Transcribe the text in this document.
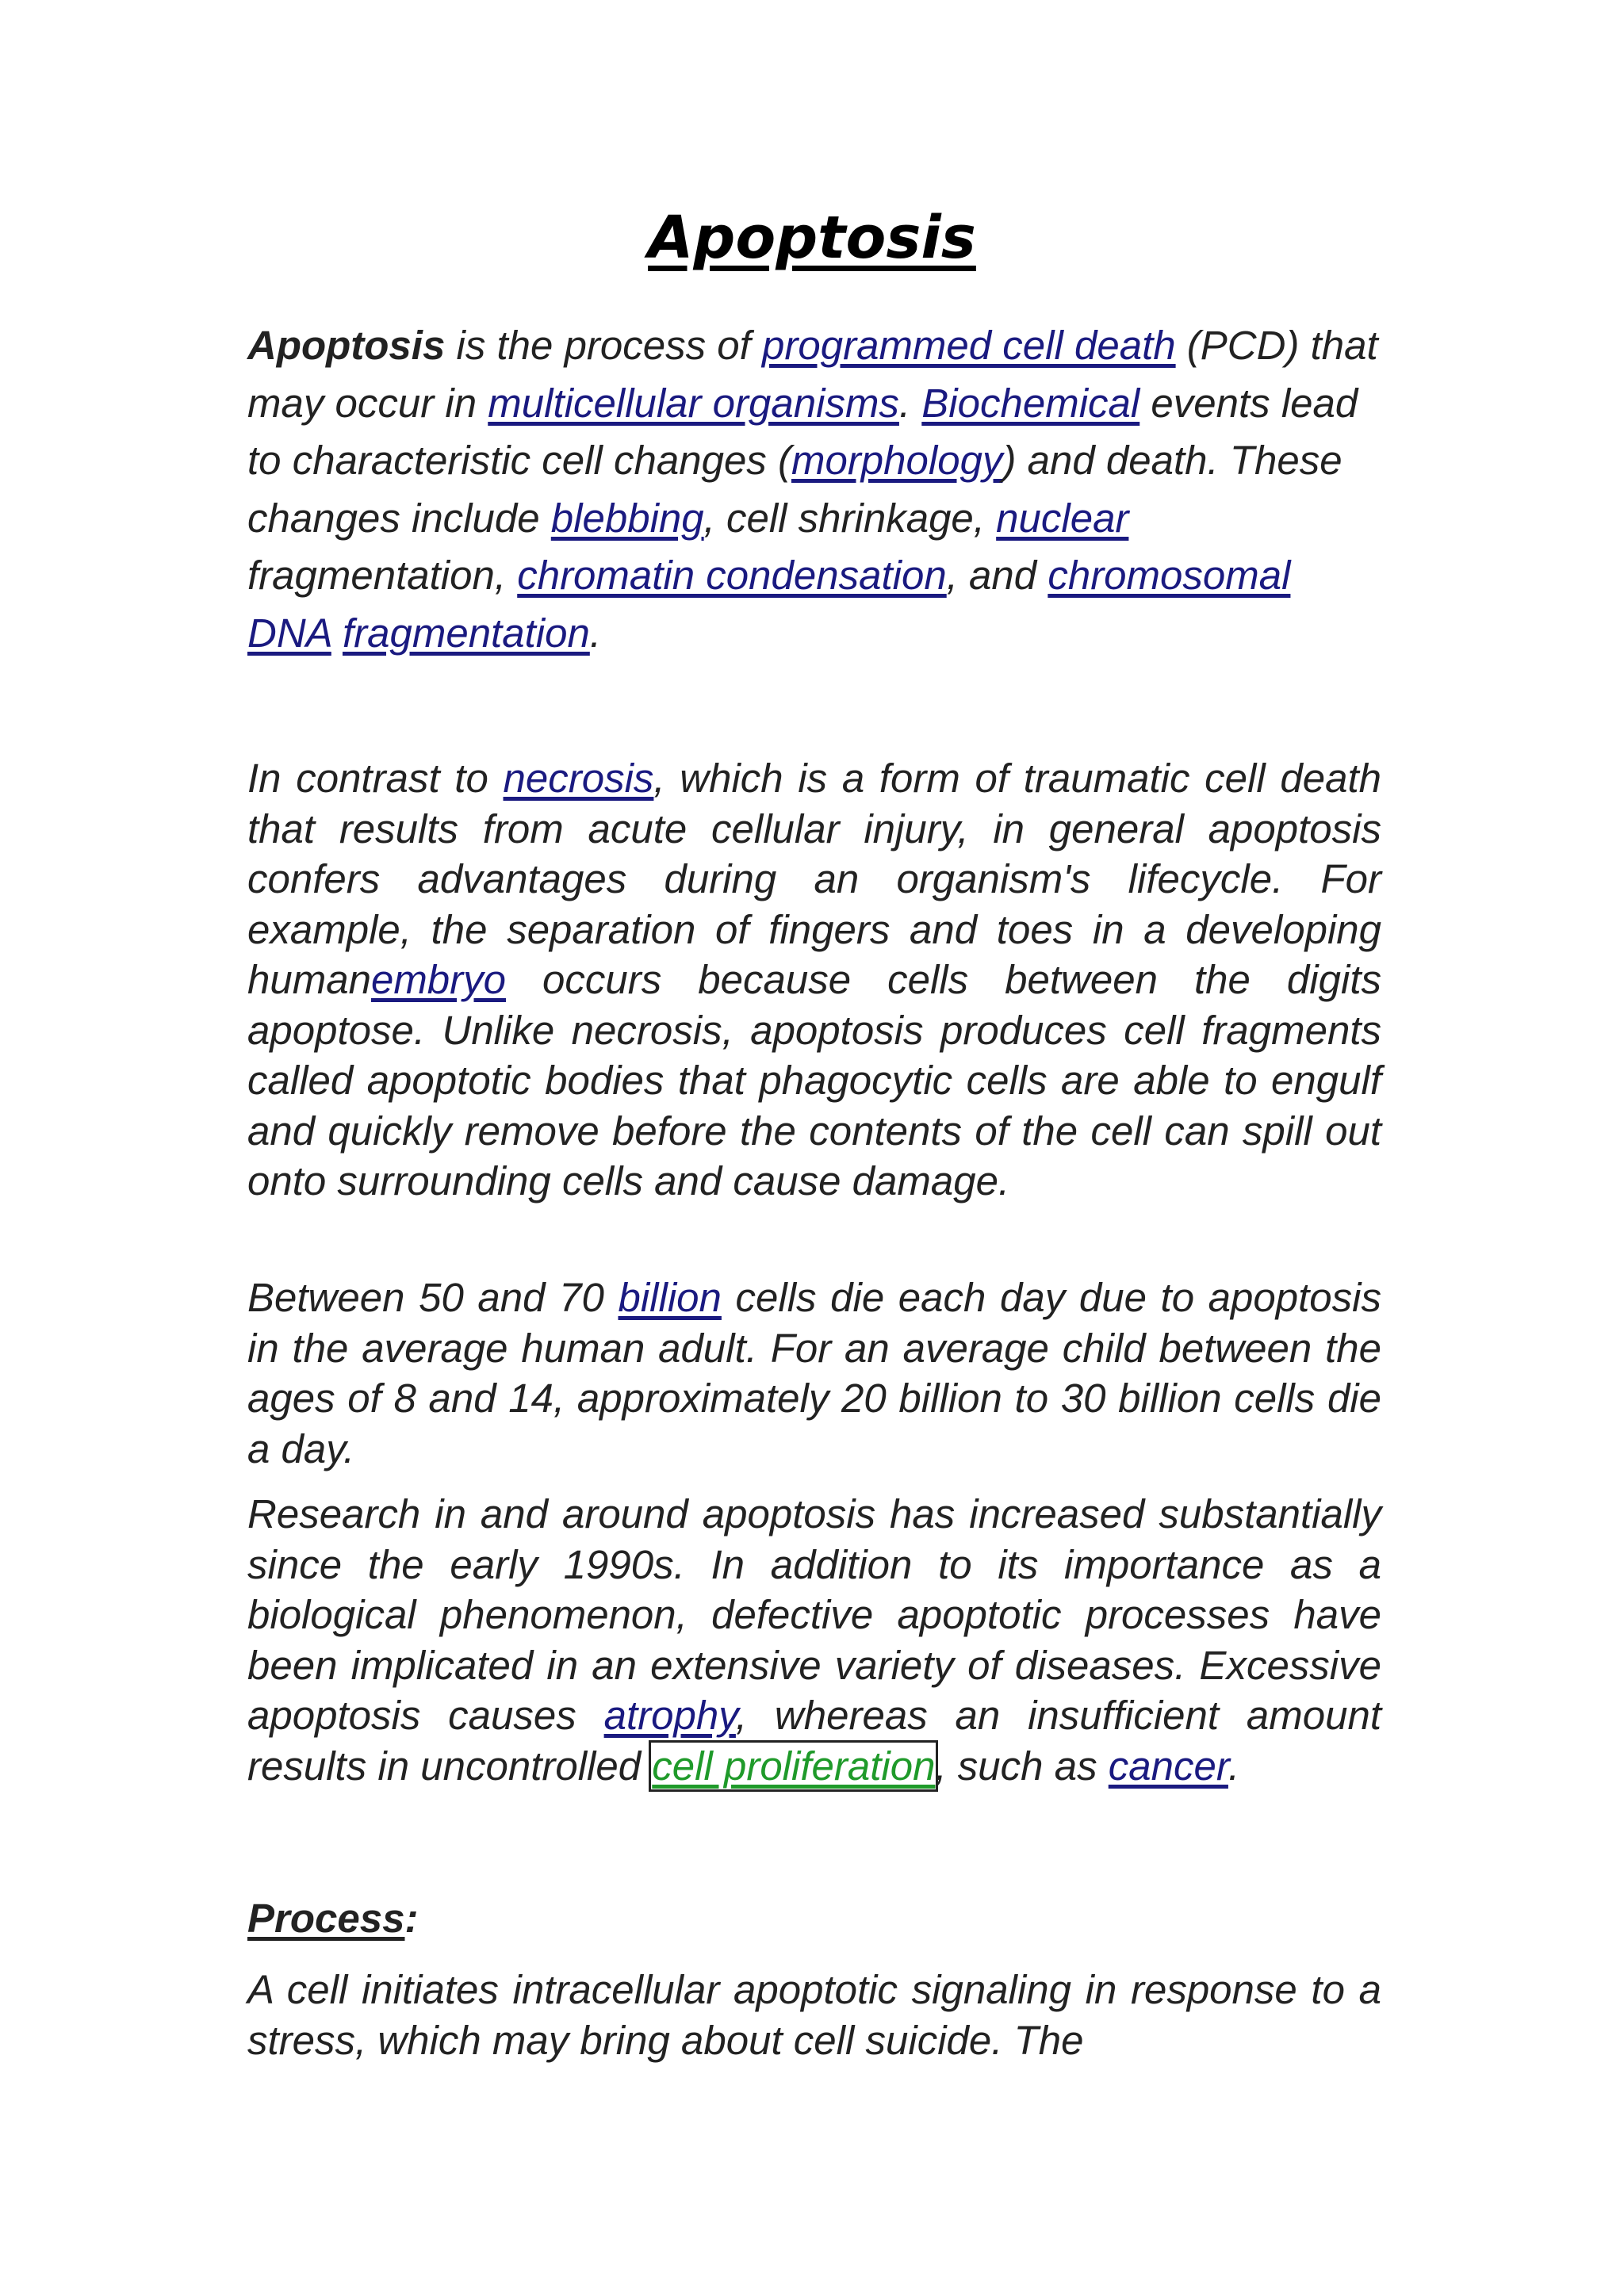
Apoptosis

Apoptosis is the process of programmed cell death (PCD) that may occur in multicellular organisms. Biochemical events lead to characteristic cell changes (morphology) and death. These changes include blebbing, cell shrinkage, nuclear fragmentation, chromatin condensation, and chromosomal DNA fragmentation.

In contrast to necrosis, which is a form of traumatic cell death that results from acute cellular injury, in general apoptosis confers advantages during an organism's lifecycle. For example, the separation of fingers and toes in a developing humanembryo occurs because cells between the digits apoptose. Unlike necrosis, apoptosis produces cell fragments called apoptotic bodies that phagocytic cells are able to engulf and quickly remove before the contents of the cell can spill out onto surrounding cells and cause damage.

Between 50 and 70 billion cells die each day due to apoptosis in the average human adult. For an average child between the ages of 8 and 14, approximately 20 billion to 30 billion cells die a day.

Research in and around apoptosis has increased substantially since the early 1990s. In addition to its importance as a biological phenomenon, defective apoptotic processes have been implicated in an extensive variety of diseases. Excessive apoptosis causes atrophy, whereas an insufficient amount results in uncontrolled cell proliferation, such as cancer.

Process:

A cell initiates intracellular apoptotic signaling in response to a stress, which may bring about cell suicide. The
